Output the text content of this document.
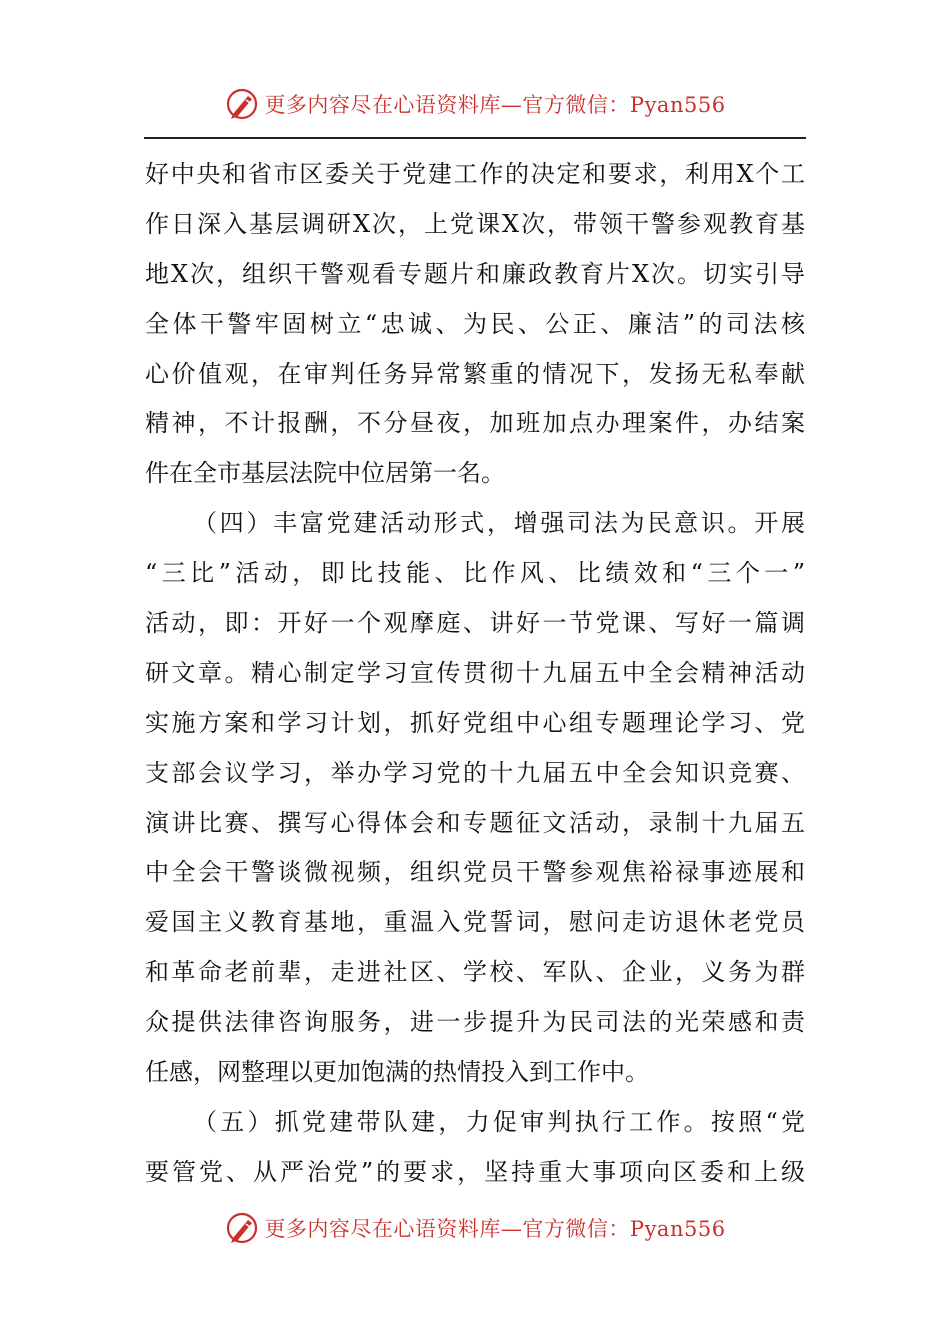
更多内容尽在心语资料库—官方微信：Pyan556
好中央和省市区委关于党建工作的决定和要求，利用X个工
作日深入基层调研X次，上党课X次，带领干警参观教育基
地X次，组织干警观看专题片和廉政教育片X次。切实引导
全体干警牢固树立“忠诚、为民、公正、廉洁”的司法核
心价值观，在审判任务异常繁重的情况下，发扬无私奉献
精神，不计报酬，不分昼夜，加班加点办理案件，办结案
件在全市基层法院中位居第一名。
（四）丰富党建活动形式，增强司法为民意识。开展
“三比”活动，即比技能、比作风、比绩效和“三个一”
活动，即：开好一个观摩庭、讲好一节党课、写好一篇调
研文章。精心制定学习宣传贯彻十九届五中全会精神活动
实施方案和学习计划，抓好党组中心组专题理论学习、党
支部会议学习，举办学习党的十九届五中全会知识竞赛、
演讲比赛、撰写心得体会和专题征文活动，录制十九届五
中全会干警谈微视频，组织党员干警参观焦裕禄事迹展和
爱国主义教育基地，重温入党誓词，慰问走访退休老党员
和革命老前辈，走进社区、学校、军队、企业，义务为群
众提供法律咨询服务，进一步提升为民司法的光荣感和责
任感，网整理以更加饱满的热情投入到工作中。
（五）抓党建带队建，力促审判执行工作。按照“党
要管党、从严治党”的要求，坚持重大事项向区委和上级
更多内容尽在心语资料库—官方微信：Pyan556
